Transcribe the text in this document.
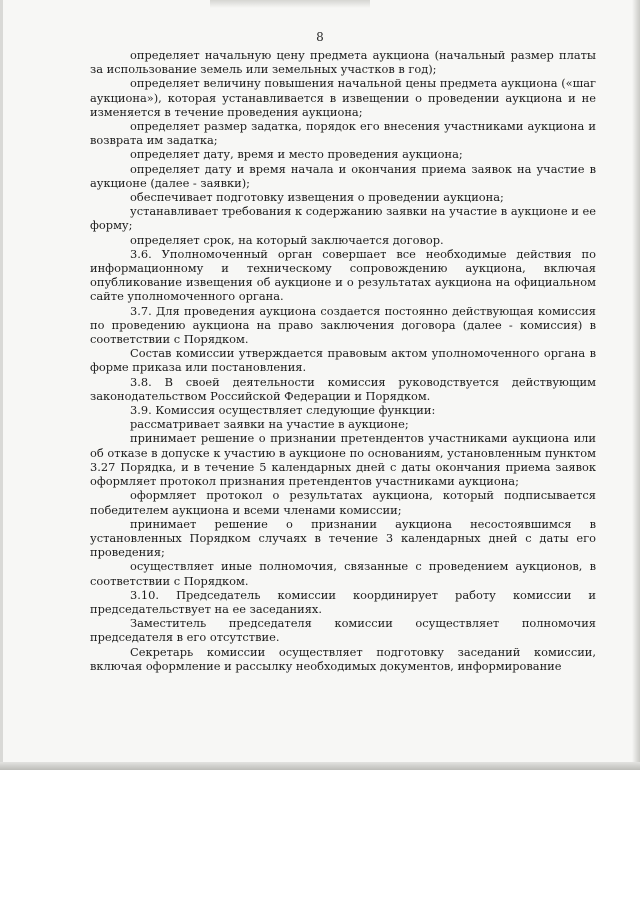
8

определяет начальную цену предмета аукциона (начальный размер платы за использование земель или земельных участков в год);

определяет величину повышения начальной цены предмета аукциона («шаг аукциона»), которая устанавливается в извещении о проведении аукциона и не изменяется в течение проведения аукциона;

определяет размер задатка, порядок его внесения участниками аукциона и возврата им задатка;

определяет дату, время и место проведения аукциона;

определяет дату и время начала и окончания приема заявок на участие в аукционе (далее - заявки);

обеспечивает подготовку извещения о проведении аукциона;

устанавливает требования к содержанию заявки на участие в аукционе и ее форму;

определяет срок, на который заключается договор.

3.6. Уполномоченный орган совершает все необходимые действия по информационному и техническому сопровождению аукциона, включая опубликование извещения об аукционе и о результатах аукциона на официальном сайте уполномоченного органа.

3.7. Для проведения аукциона создается постоянно действующая комиссия по проведению аукциона на право заключения договора (далее - комиссия) в соответствии с Порядком.

Состав комиссии утверждается правовым актом уполномоченного органа в форме приказа или постановления.

3.8. В своей деятельности комиссия руководствуется действующим законодательством Российской Федерации и Порядком.

3.9. Комиссия осуществляет следующие функции:

рассматривает заявки на участие в аукционе;

принимает решение о признании претендентов участниками аукциона или об отказе в допуске к участию в аукционе по основаниям, установленным пунктом 3.27 Порядка, и в течение 5 календарных дней с даты окончания приема заявок оформляет протокол признания претендентов участниками аукциона;

оформляет протокол о результатах аукциона, который подписывается победителем аукциона и всеми членами комиссии;

принимает решение о признании аукциона несостоявшимся в установленных Порядком случаях в течение 3 календарных дней с даты его проведения;

осуществляет иные полномочия, связанные с проведением аукционов, в соответствии с Порядком.

3.10. Председатель комиссии координирует работу комиссии и председательствует на ее заседаниях.

Заместитель председателя комиссии осуществляет полномочия председателя в его отсутствие.

Секретарь комиссии осуществляет подготовку заседаний комиссии, включая оформление и рассылку необходимых документов, информирование
